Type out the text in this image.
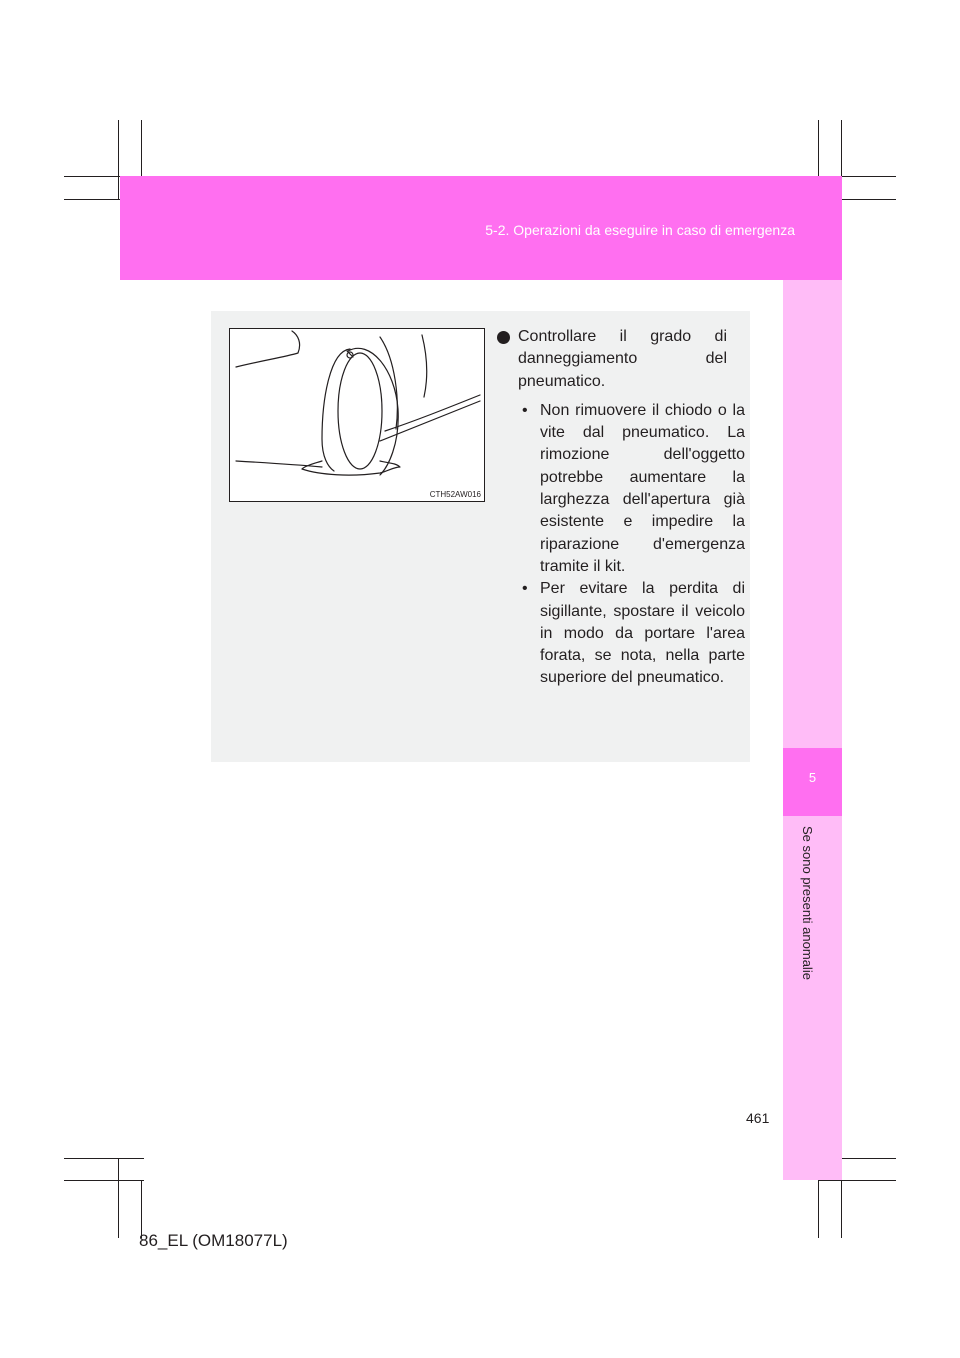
5-2. Operazioni da eseguire in caso di emergenza
5
Se sono presenti anomalie
CTH52AW016
Controllare il grado di danneggiamento del pneumatico.
• Non rimuovere il chiodo o la vite dal pneumatico. La rimozione dell'oggetto potrebbe aumentare la larghezza dell'apertura già esistente e impedire la riparazione d'emergenza tramite il kit.
• Per evitare la perdita di sigillante, spostare il veicolo in modo da portare l'area forata, se nota, nella parte superiore del pneumatico.
461
86_EL (OM18077L)
